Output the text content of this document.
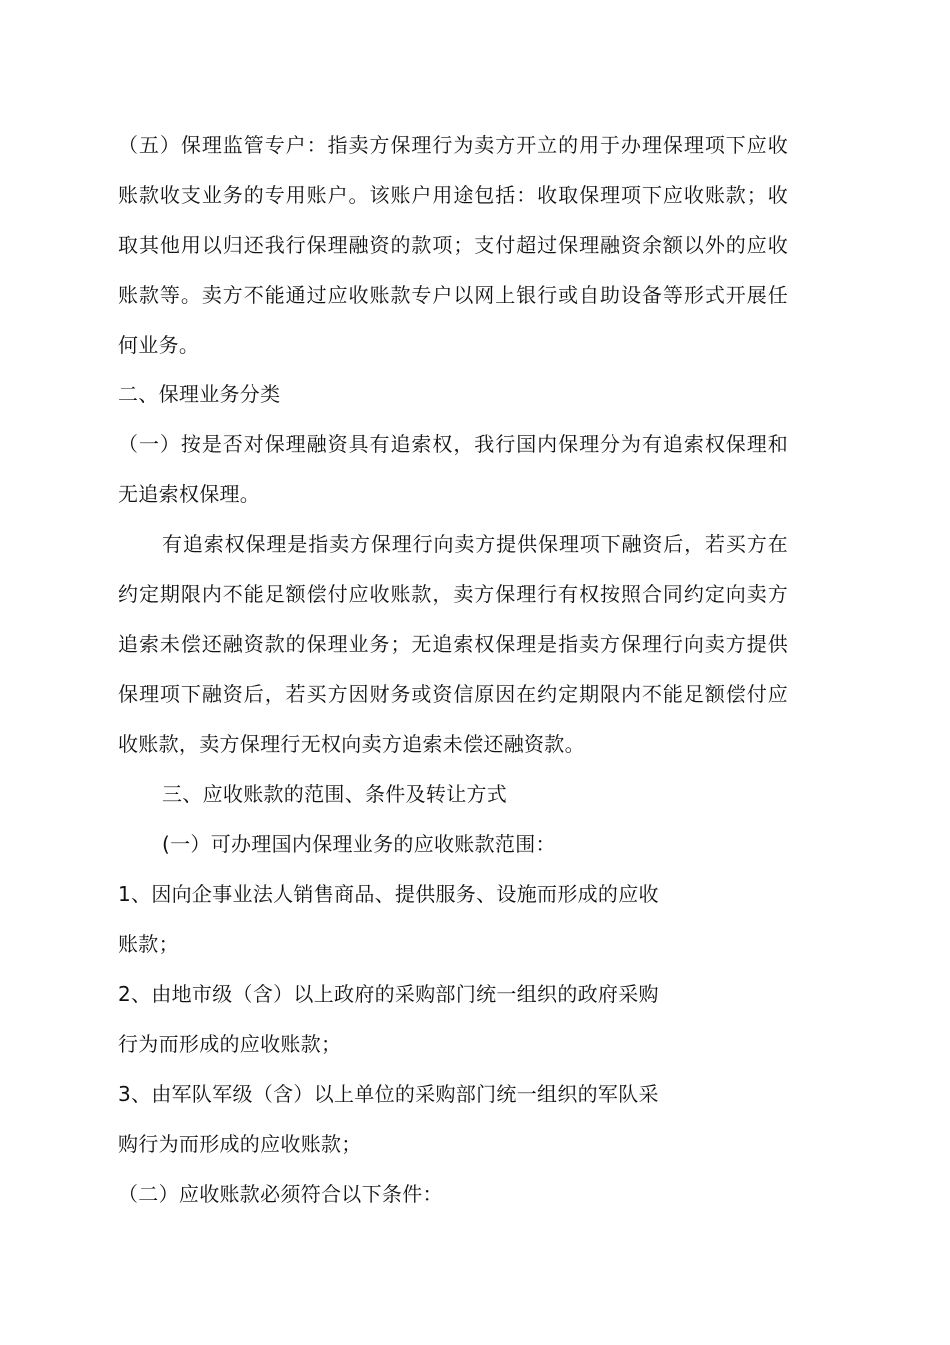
（五）保理监管专户：指卖方保理行为卖方开立的用于办理保理项下应收
账款收支业务的专用账户。该账户用途包括：收取保理项下应收账款；收
取其他用以归还我行保理融资的款项；支付超过保理融资余额以外的应收
账款等。卖方不能通过应收账款专户以网上银行或自助设备等形式开展任
何业务。
二、保理业务分类
（一）按是否对保理融资具有追索权，我行国内保理分为有追索权保理和
无追索权保理。
有追索权保理是指卖方保理行向卖方提供保理项下融资后，若买方在
约定期限内不能足额偿付应收账款，卖方保理行有权按照合同约定向卖方
追索未偿还融资款的保理业务；无追索权保理是指卖方保理行向卖方提供
保理项下融资后，若买方因财务或资信原因在约定期限内不能足额偿付应
收账款，卖方保理行无权向卖方追索未偿还融资款。
三、应收账款的范围、条件及转让方式
(一）可办理国内保理业务的应收账款范围：
1、因向企事业法人销售商品、提供服务、设施而形成的应收
账款；
2、由地市级（含）以上政府的采购部门统一组织的政府采购
行为而形成的应收账款；
3、由军队军级（含）以上单位的采购部门统一组织的军队采
购行为而形成的应收账款；
（二）应收账款必须符合以下条件：
